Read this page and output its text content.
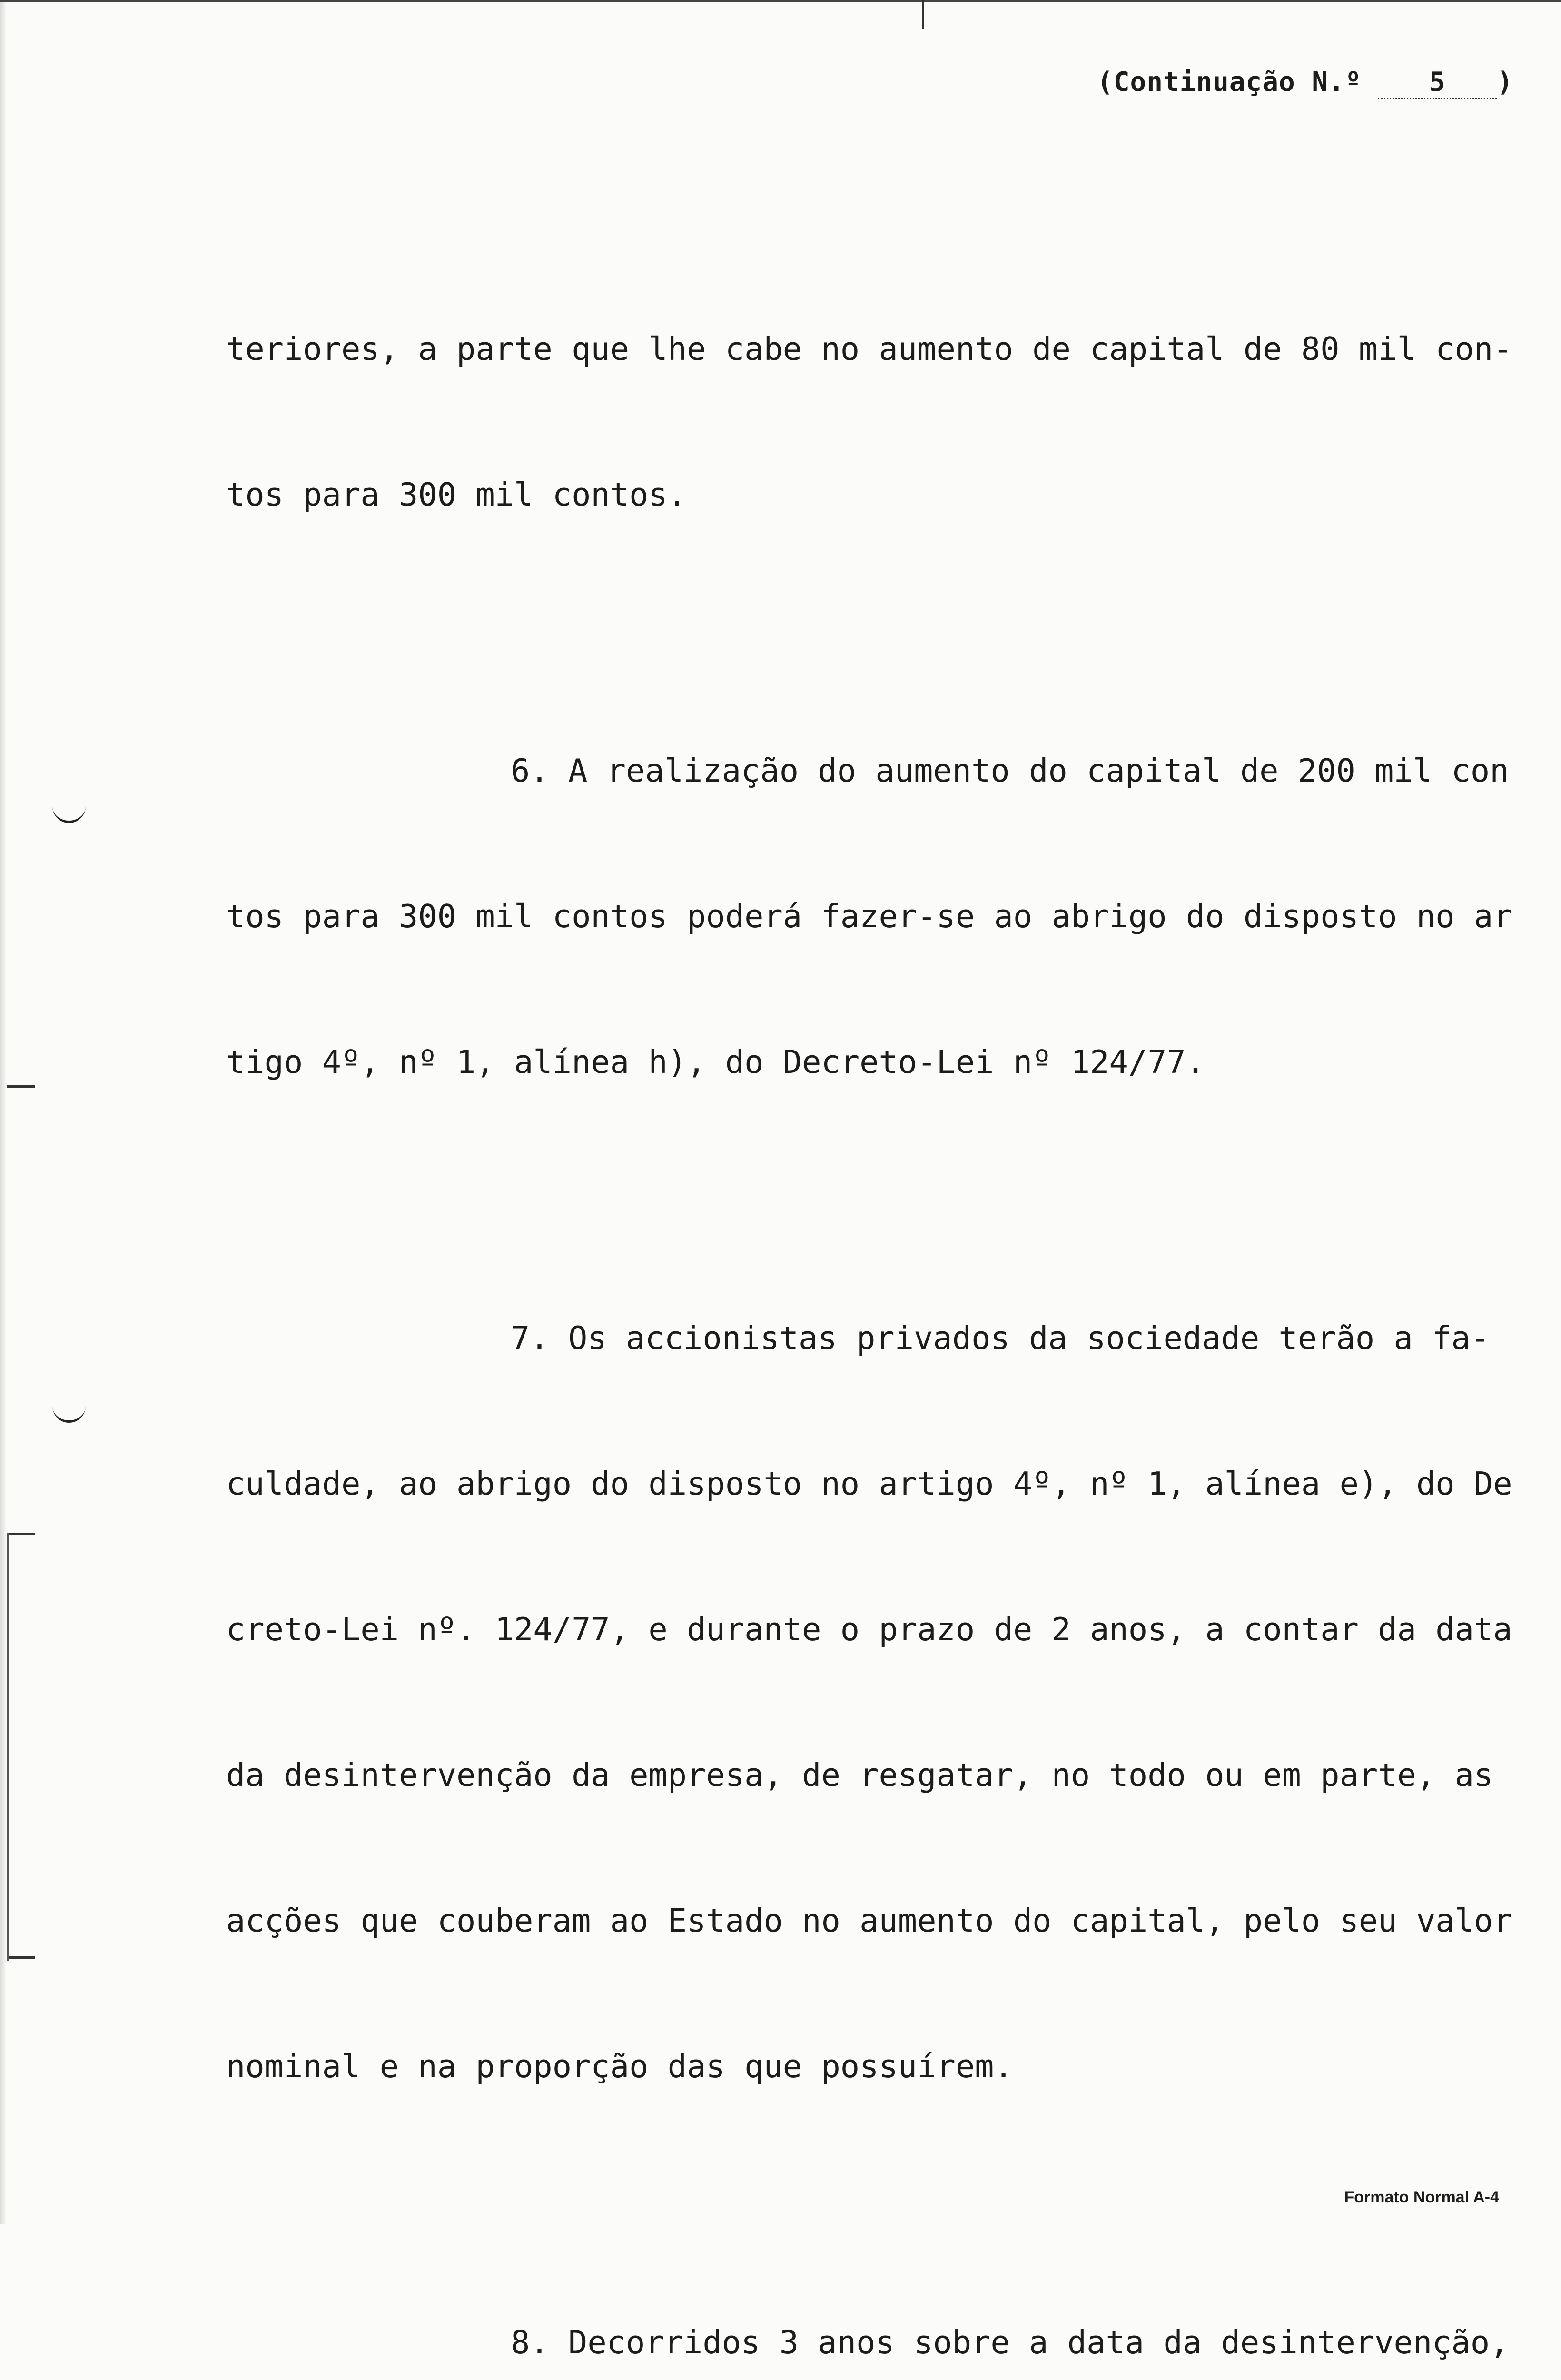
(Continuação N.º	5 )

teriores, a parte que lhe cabe no aumento de capital de 80 mil con-

tos para 300 mil contos.

6. A realização do aumento do capital de 200 mil con

tos para 300 mil contos poderá fazer-se ao abrigo do disposto no ar

tigo 4º, nº 1, alínea h), do Decreto-Lei nº 124/77.

7. Os accionistas privados da sociedade terão a fa-

culdade, ao abrigo do disposto no artigo 4º, nº 1, alínea e), do De

creto-Lei nº. 124/77, e durante o prazo de 2 anos, a contar da data

da desintervenção da empresa, de resgatar, no todo ou em parte, as

acções que couberam ao Estado no aumento do capital, pelo seu valor

nominal e na proporção das que possuírem.

8. Decorridos 3 anos sobre a data da desintervenção,

Formato Normal A-4
